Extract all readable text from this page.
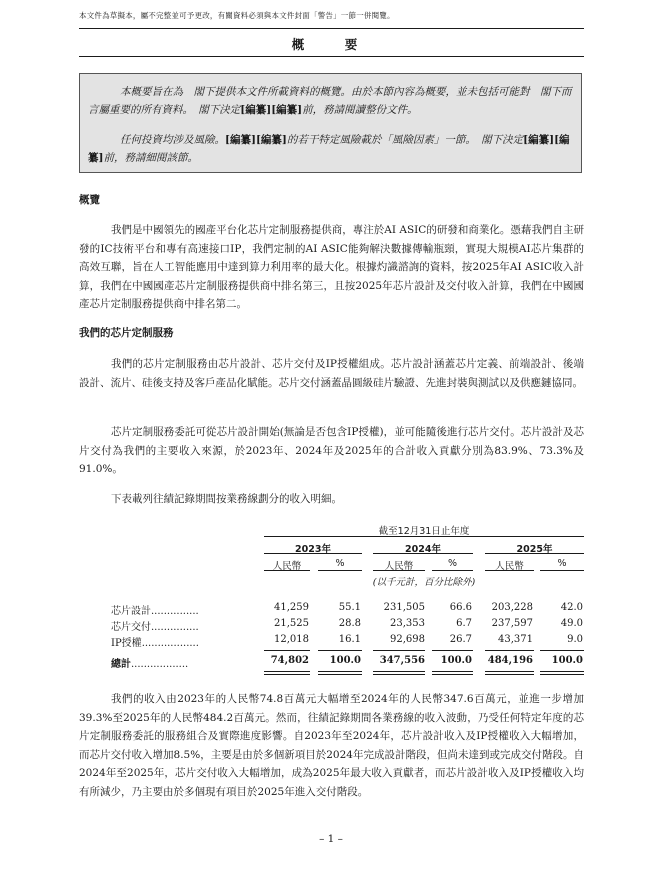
本文件為草擬本，屬不完整並可予更改，有關資料必須與本文件封面「警告」一節一併閱覽。
概　要

本概要旨在為　閣下提供本文件所載資料的概覽。由於本節內容為概要，並未包括可能對　閣下而言屬重要的所有資料。　閣下決定[編纂][編纂]前，務請閱讀整份文件。

任何投資均涉及風險。[編纂][編纂]的若干特定風險載於「風險因素」一節。　閣下決定[編纂][編纂]前，務請細閱該節。

概覽

我們是中國領先的國產平台化芯片定制服務提供商，專注於AI ASIC的研發和商業化。憑藉我們自主研發的IC技術平台和專有高速接口IP，我們定制的AI ASIC能夠解決數據傳輸瓶頸，實現大規模AI芯片集群的高效互聯，旨在人工智能應用中達到算力利用率的最大化。根據灼識諮詢的資料，按2025年AI ASIC收入計算，我們在中國國產芯片定制服務提供商中排名第三，且按2025年芯片設計及交付收入計算，我們在中國國產芯片定制服務提供商中排名第二。

我們的芯片定制服務

我們的芯片定制服務由芯片設計、芯片交付及IP授權組成。芯片設計涵蓋芯片定義、前端設計、後端設計、流片、硅後支持及客戶產品化賦能。芯片交付涵蓋晶圓級硅片驗證、先進封裝與測試以及供應鏈協同。

芯片定制服務委託可從芯片設計開始(無論是否包含IP授權)，並可能隨後進行芯片交付。芯片設計及芯片交付為我們的主要收入來源，於2023年、2024年及2025年的合計收入貢獻分別為83.9%、73.3%及91.0%。

下表載列往績記錄期間按業務線劃分的收入明細。

截至12月31日止年度
2023年	2024年	2025年
人民幣	%	人民幣	%	人民幣	%
(以千元計，百分比除外)
芯片設計...............	41,259	55.1	231,505	66.6	203,228	42.0
芯片交付...............	21,525	28.8	23,353	6.7	237,597	49.0
IP授權..................	12,018	16.1	92,698	26.7	43,371	9.0
總計..................	74,802	100.0	347,556	100.0 484,196	100.0

我們的收入由2023年的人民幣74.8百萬元大幅增至2024年的人民幣347.6百萬元，並進一步增加39.3%至2025年的人民幣484.2百萬元。然而，往績記錄期間各業務線的收入波動，乃受任何特定年度的芯片定制服務委託的服務組合及實際進度影響。自2023年至2024年，芯片設計收入及IP授權收入大幅增加，而芯片交付收入增加8.5%，主要是由於多個新項目於2024年完成設計階段，但尚未達到或完成交付階段。自2024年至2025年，芯片交付收入大幅增加，成為2025年最大收入貢獻者，而芯片設計收入及IP授權收入均有所減少，乃主要由於多個現有項目於2025年進入交付階段。

– 1 –
